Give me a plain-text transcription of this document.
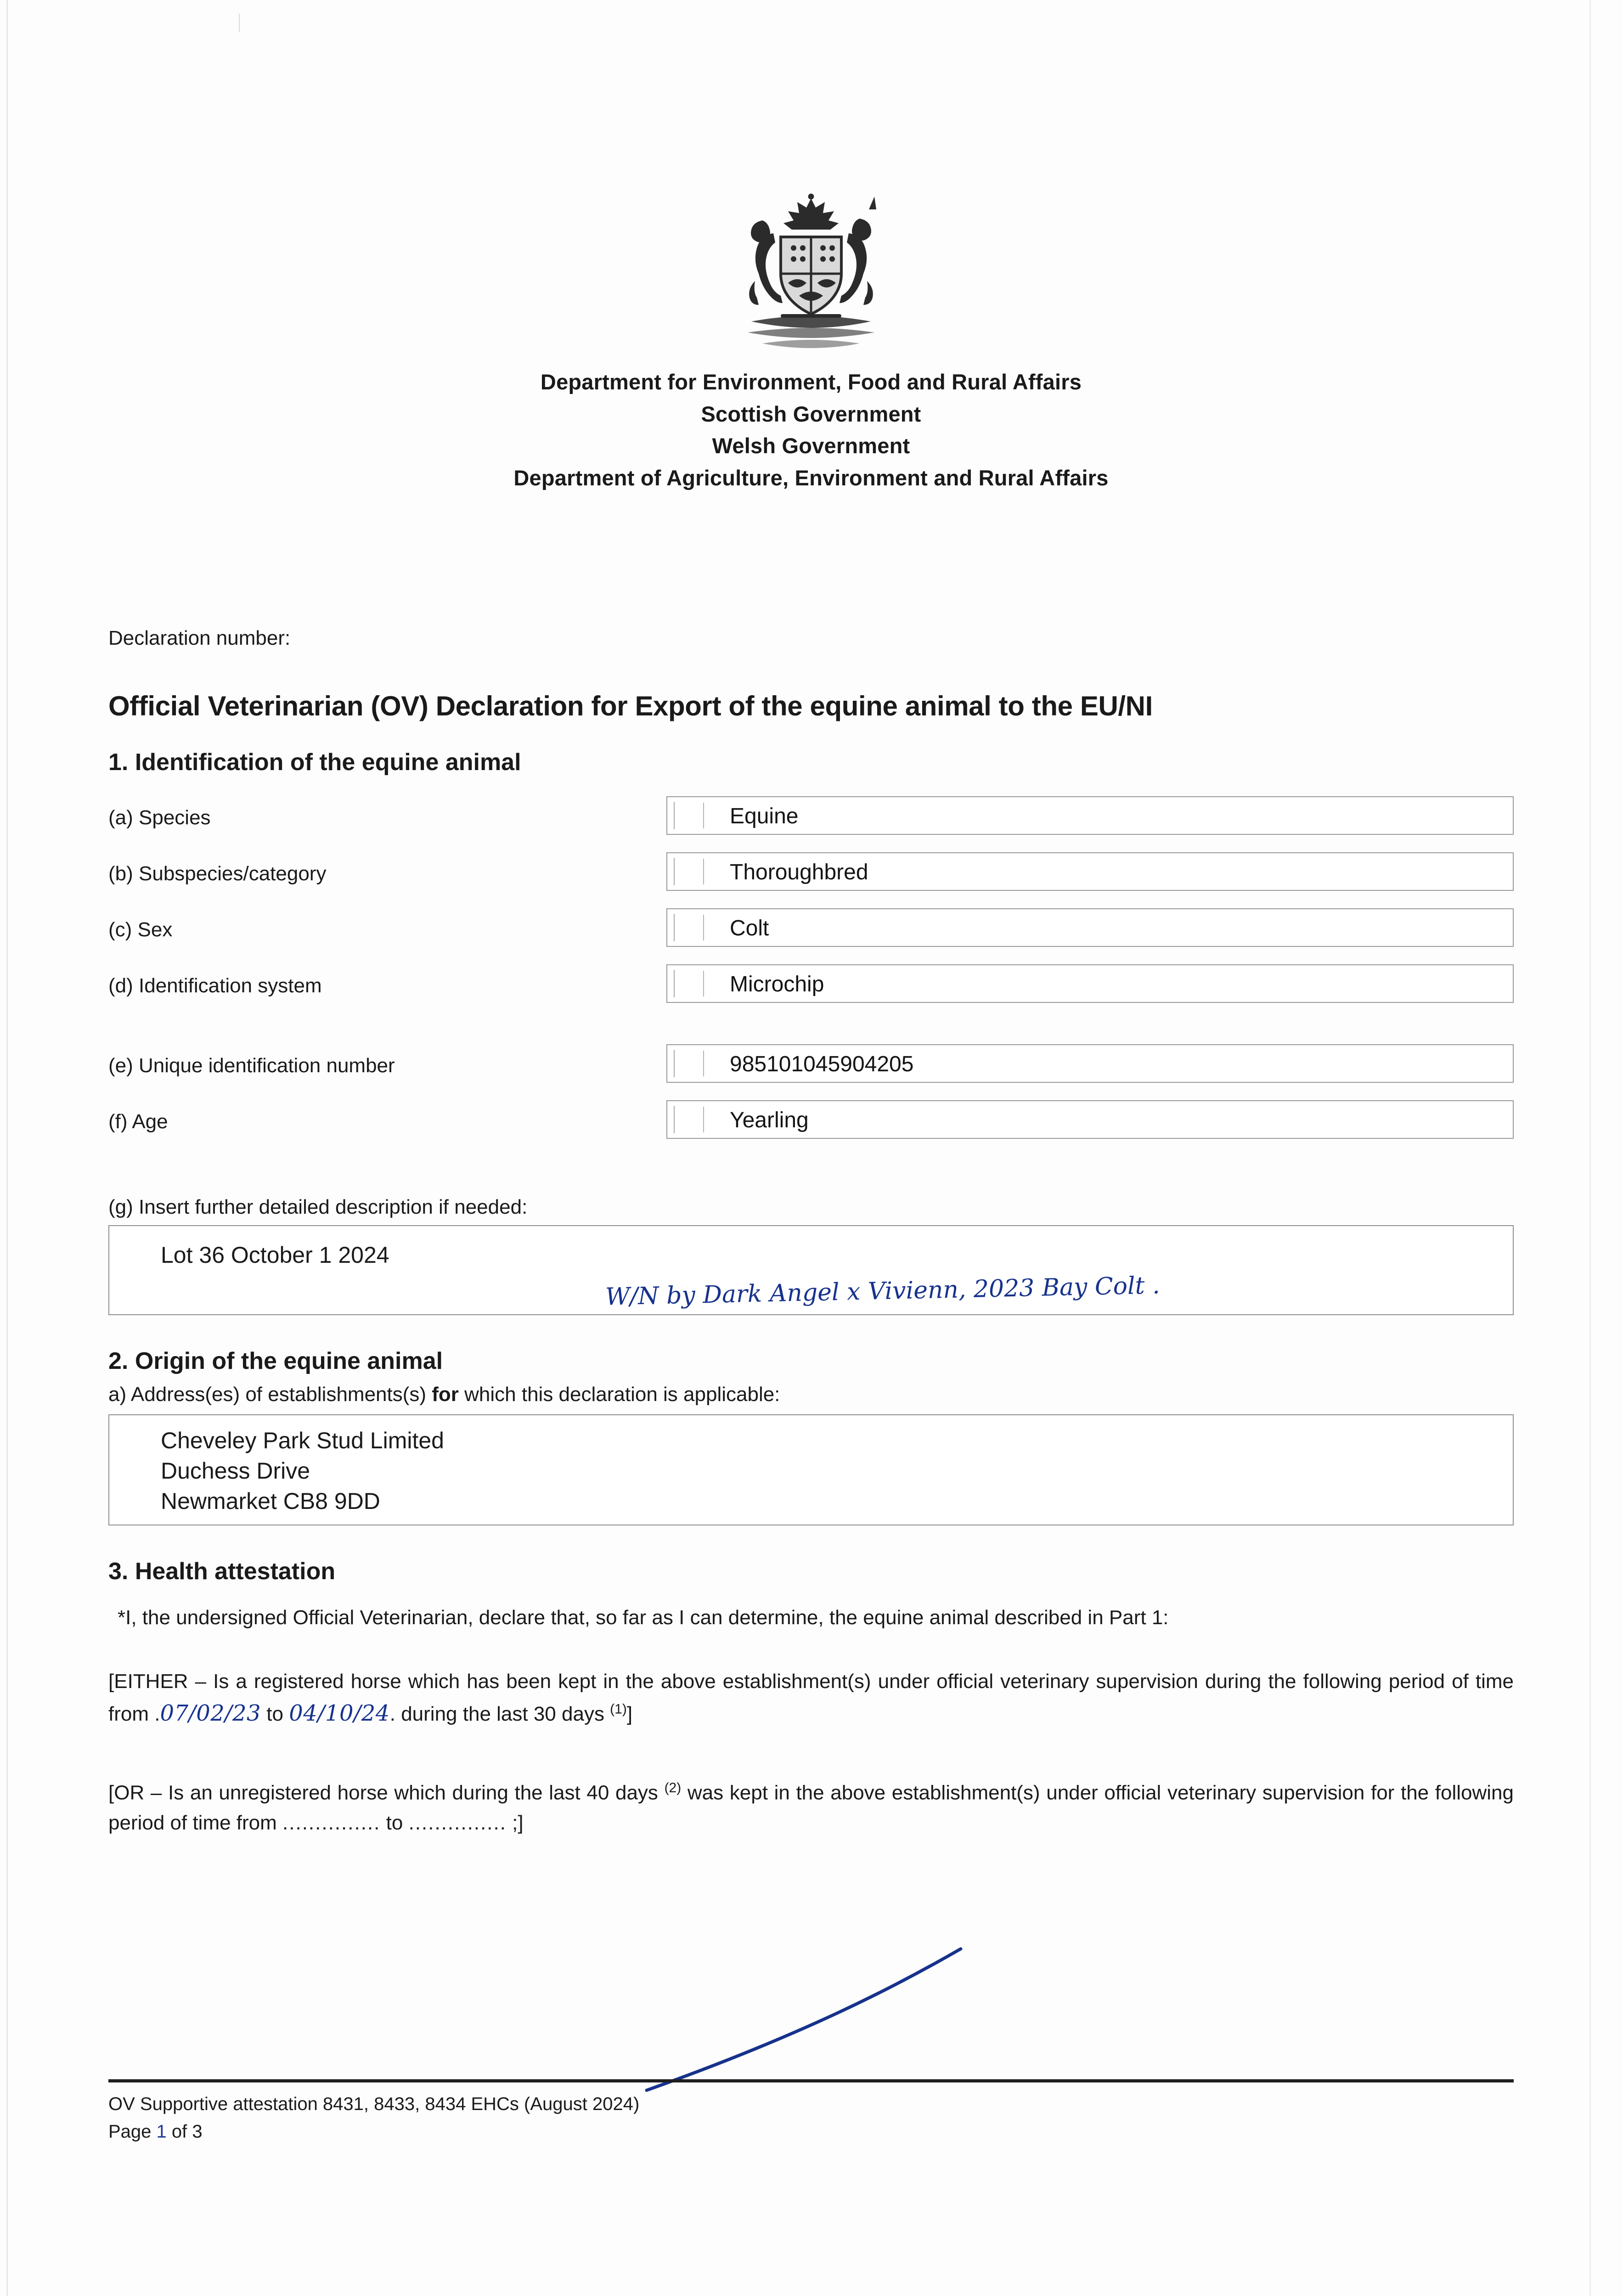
Department for Environment, Food and Rural Affairs
Scottish Government
Welsh Government
Department of Agriculture, Environment and Rural Affairs
Declaration number:
Official Veterinarian (OV) Declaration for Export of the equine animal to the EU/NI
1. Identification of the equine animal
(a) Species	Equine
(b) Subspecies/category	Thoroughbred
(c) Sex	Colt
(d) Identification system	Microchip
(e) Unique identification number	985101045904205
(f) Age	Yearling
(g) Insert further detailed description if needed:
Lot 36 October 1 2024
W/N by Dark Angel x Vivienn, 2023 Bay Colt .
2. Origin of the equine animal
a) Address(es) of establishments(s) for which this declaration is applicable:
Cheveley Park Stud Limited
Duchess Drive
Newmarket CB8 9DD
3. Health attestation
*I, the undersigned Official Veterinarian, declare that, so far as I can determine, the equine animal described in Part 1:
[EITHER – Is a registered horse which has been kept in the above establishment(s) under official veterinary supervision during the following period of time from .07/02/23 to 04/10/24. during the last 30 days $^{(1)}$]
[OR – Is an unregistered horse which during the last 40 days $^{(2)}$ was kept in the above establishment(s) under official veterinary supervision for the following period of time from ............... to ............... ;]
OV Supportive attestation 8431, 8433, 8434 EHCs (August 2024)
Page 1 of 3
